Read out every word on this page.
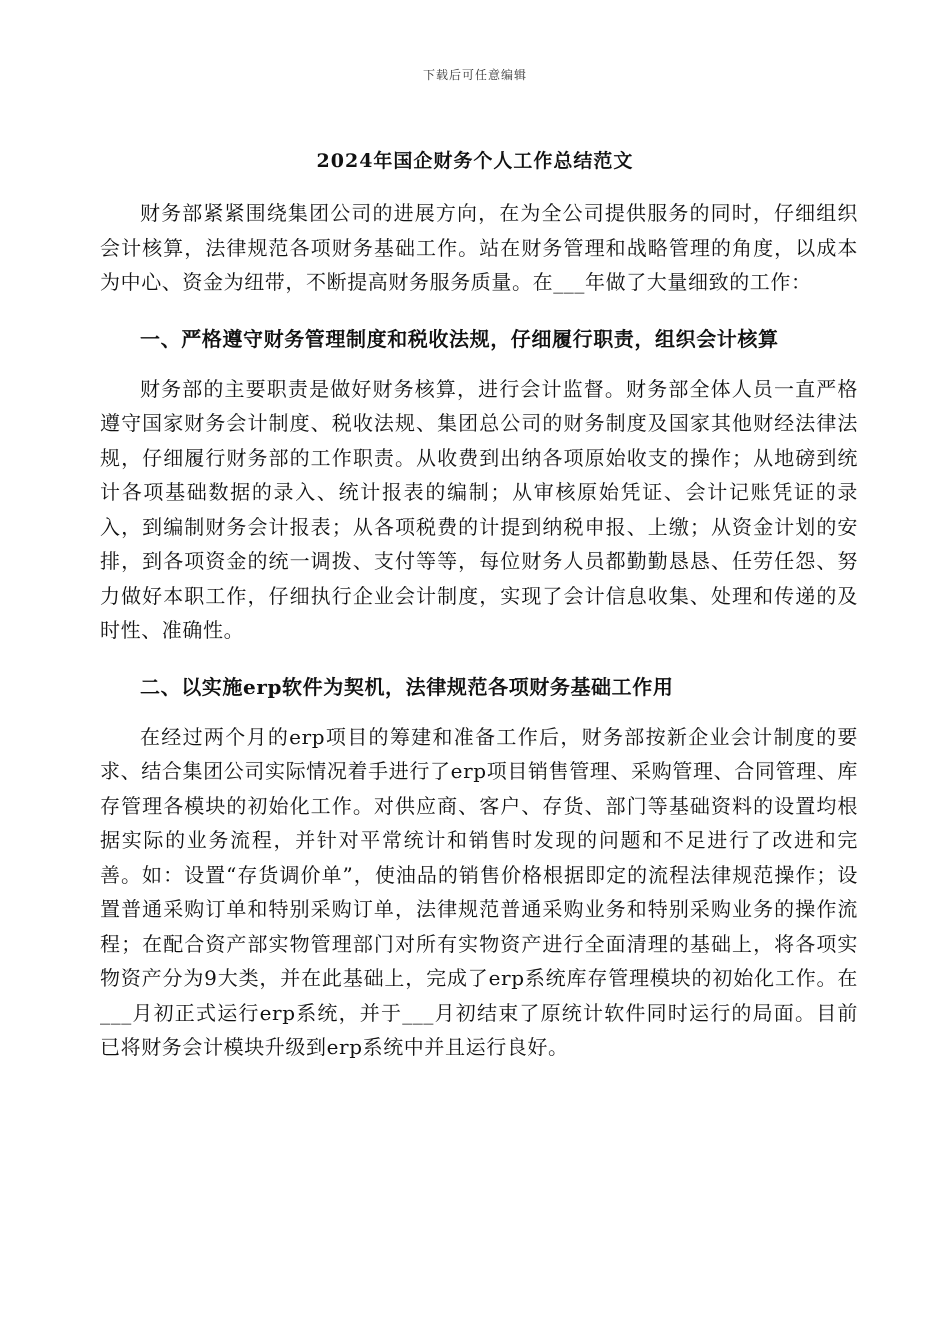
下载后可任意编辑
2024年国企财务个人工作总结范文

财务部紧紧围绕集团公司的进展方向，在为全公司提供服务的同时，仔细组织会计核算，法律规范各项财务基础工作。站在财务管理和战略管理的角度，以成本为中心、资金为纽带，不断提高财务服务质量。在___年做了大量细致的工作：

一、严格遵守财务管理制度和税收法规，仔细履行职责，组织会计核算

财务部的主要职责是做好财务核算，进行会计监督。财务部全体人员一直严格遵守国家财务会计制度、税收法规、集团总公司的财务制度及国家其他财经法律法规，仔细履行财务部的工作职责。从收费到出纳各项原始收支的操作；从地磅到统计各项基础数据的录入、统计报表的编制；从审核原始凭证、会计记账凭证的录入，到编制财务会计报表；从各项税费的计提到纳税申报、上缴；从资金计划的安排，到各项资金的统一调拨、支付等等，每位财务人员都勤勤恳恳、任劳任怨、努力做好本职工作，仔细执行企业会计制度，实现了会计信息收集、处理和传递的及时性、准确性。

二、以实施erp软件为契机，法律规范各项财务基础工作用

在经过两个月的erp项目的筹建和准备工作后，财务部按新企业会计制度的要求、结合集团公司实际情况着手进行了erp项目销售管理、采购管理、合同管理、库存管理各模块的初始化工作。对供应商、客户、存货、部门等基础资料的设置均根据实际的业务流程，并针对平常统计和销售时发现的问题和不足进行了改进和完善。如：设置“存货调价单”，使油品的销售价格根据即定的流程法律规范操作；设置普通采购订单和特别采购订单，法律规范普通采购业务和特别采购业务的操作流程；在配合资产部实物管理部门对所有实物资产进行全面清理的基础上，将各项实物资产分为9大类，并在此基础上，完成了erp系统库存管理模块的初始化工作。在___月初正式运行erp系统，并于___月初结束了原统计软件同时运行的局面。目前已将财务会计模块升级到erp系统中并且运行良好。
